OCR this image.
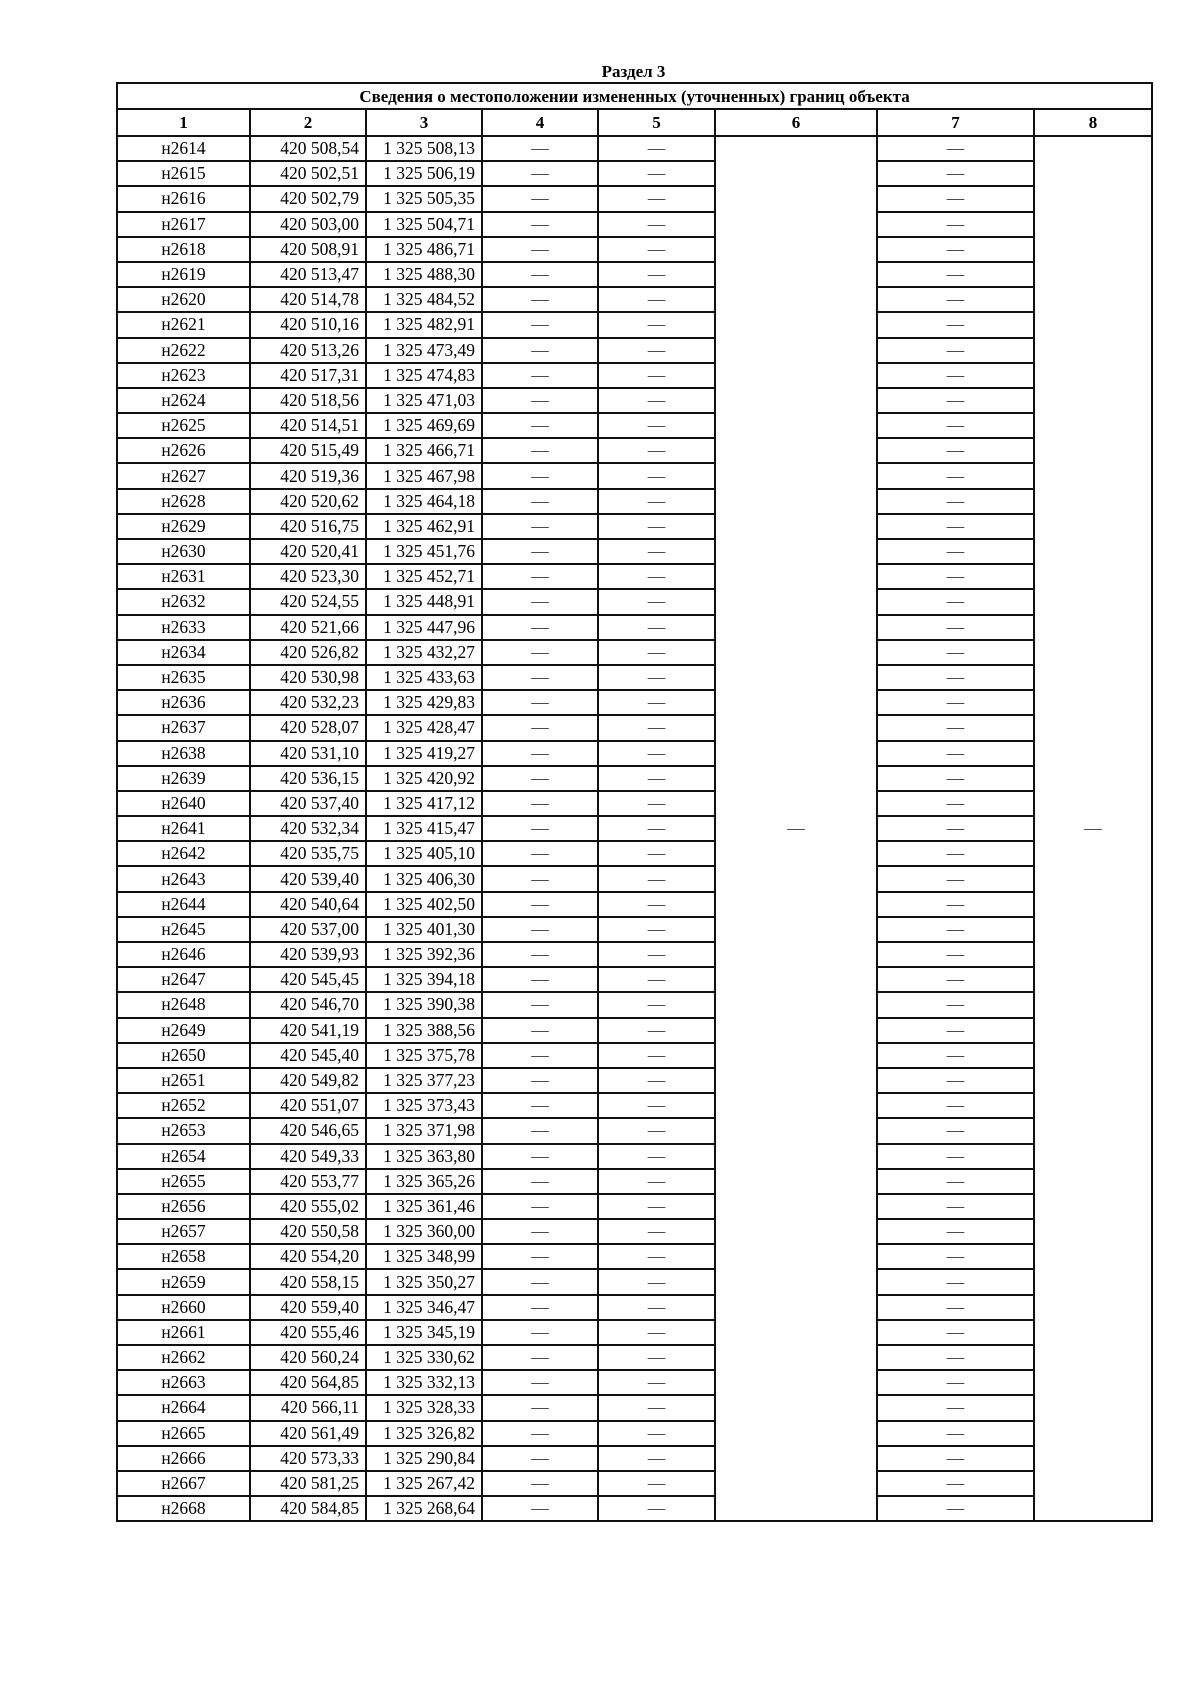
Раздел 3
Сведения о местоположении измененных (уточненных) границ объекта							
1	2	3	4	5	6	7	8
н2614	420 508,54	1 325 508,13	—	—	—	—	—
н2615	420 502,51	1 325 506,19	—	—		—	
н2616	420 502,79	1 325 505,35	—	—		—	
н2617	420 503,00	1 325 504,71	—	—		—	
н2618	420 508,91	1 325 486,71	—	—		—	
н2619	420 513,47	1 325 488,30	—	—		—	
н2620	420 514,78	1 325 484,52	—	—		—	
н2621	420 510,16	1 325 482,91	—	—		—	
н2622	420 513,26	1 325 473,49	—	—		—	
н2623	420 517,31	1 325 474,83	—	—		—	
н2624	420 518,56	1 325 471,03	—	—		—	
н2625	420 514,51	1 325 469,69	—	—		—	
н2626	420 515,49	1 325 466,71	—	—		—	
н2627	420 519,36	1 325 467,98	—	—		—	
н2628	420 520,62	1 325 464,18	—	—		—	
н2629	420 516,75	1 325 462,91	—	—		—	
н2630	420 520,41	1 325 451,76	—	—		—	
н2631	420 523,30	1 325 452,71	—	—		—	
н2632	420 524,55	1 325 448,91	—	—		—	
н2633	420 521,66	1 325 447,96	—	—		—	
н2634	420 526,82	1 325 432,27	—	—		—	
н2635	420 530,98	1 325 433,63	—	—		—	
н2636	420 532,23	1 325 429,83	—	—		—	
н2637	420 528,07	1 325 428,47	—	—		—	
н2638	420 531,10	1 325 419,27	—	—		—	
н2639	420 536,15	1 325 420,92	—	—		—	
н2640	420 537,40	1 325 417,12	—	—		—	
н2641	420 532,34	1 325 415,47	—	—		—	
н2642	420 535,75	1 325 405,10	—	—		—	
н2643	420 539,40	1 325 406,30	—	—		—	
н2644	420 540,64	1 325 402,50	—	—		—	
н2645	420 537,00	1 325 401,30	—	—		—	
н2646	420 539,93	1 325 392,36	—	—		—	
н2647	420 545,45	1 325 394,18	—	—		—	
н2648	420 546,70	1 325 390,38	—	—		—	
н2649	420 541,19	1 325 388,56	—	—		—	
н2650	420 545,40	1 325 375,78	—	—		—	
н2651	420 549,82	1 325 377,23	—	—		—	
н2652	420 551,07	1 325 373,43	—	—		—	
н2653	420 546,65	1 325 371,98	—	—		—	
н2654	420 549,33	1 325 363,80	—	—		—	
н2655	420 553,77	1 325 365,26	—	—		—	
н2656	420 555,02	1 325 361,46	—	—		—	
н2657	420 550,58	1 325 360,00	—	—		—	
н2658	420 554,20	1 325 348,99	—	—		—	
н2659	420 558,15	1 325 350,27	—	—		—	
н2660	420 559,40	1 325 346,47	—	—		—	
н2661	420 555,46	1 325 345,19	—	—		—	
н2662	420 560,24	1 325 330,62	—	—		—	
н2663	420 564,85	1 325 332,13	—	—		—	
н2664	420 566,11	1 325 328,33	—	—		—	
н2665	420 561,49	1 325 326,82	—	—		—	
н2666	420 573,33	1 325 290,84	—	—		—	
н2667	420 581,25	1 325 267,42	—	—		—	
н2668	420 584,85	1 325 268,64	—	—		—	
